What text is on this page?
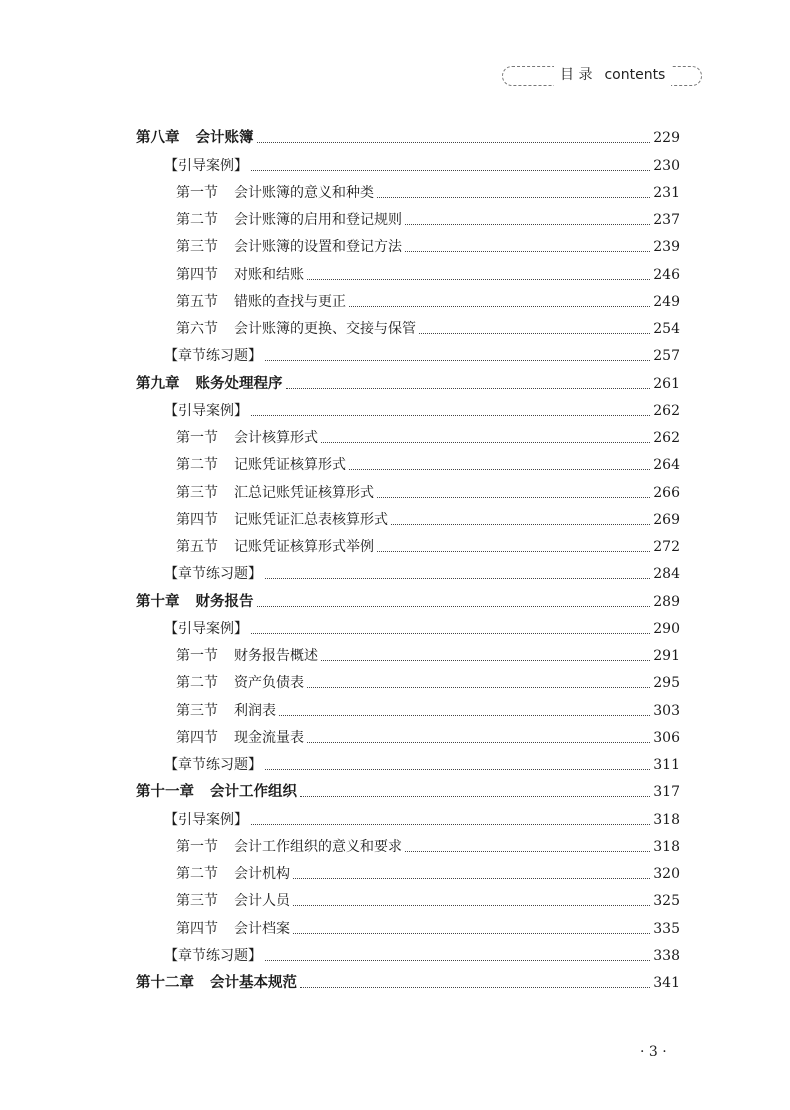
目 录 contents
第八章 会计账簿	229
【引导案例】	230
第一节 会计账簿的意义和种类	231
第二节 会计账簿的启用和登记规则	237
第三节 会计账簿的设置和登记方法	239
第四节 对账和结账	246
第五节 错账的查找与更正	249
第六节 会计账簿的更换、交接与保管	254
【章节练习题】	257
第九章 账务处理程序	261
【引导案例】	262
第一节 会计核算形式	262
第二节 记账凭证核算形式	264
第三节 汇总记账凭证核算形式	266
第四节 记账凭证汇总表核算形式	269
第五节 记账凭证核算形式举例	272
【章节练习题】	284
第十章 财务报告	289
【引导案例】	290
第一节 财务报告概述	291
第二节 资产负债表	295
第三节 利润表	303
第四节 现金流量表	306
【章节练习题】	311
第十一章 会计工作组织	317
【引导案例】	318
第一节 会计工作组织的意义和要求	318
第二节 会计机构	320
第三节 会计人员	325
第四节 会计档案	335
【章节练习题】	338
第十二章 会计基本规范	341
· 3 ·
